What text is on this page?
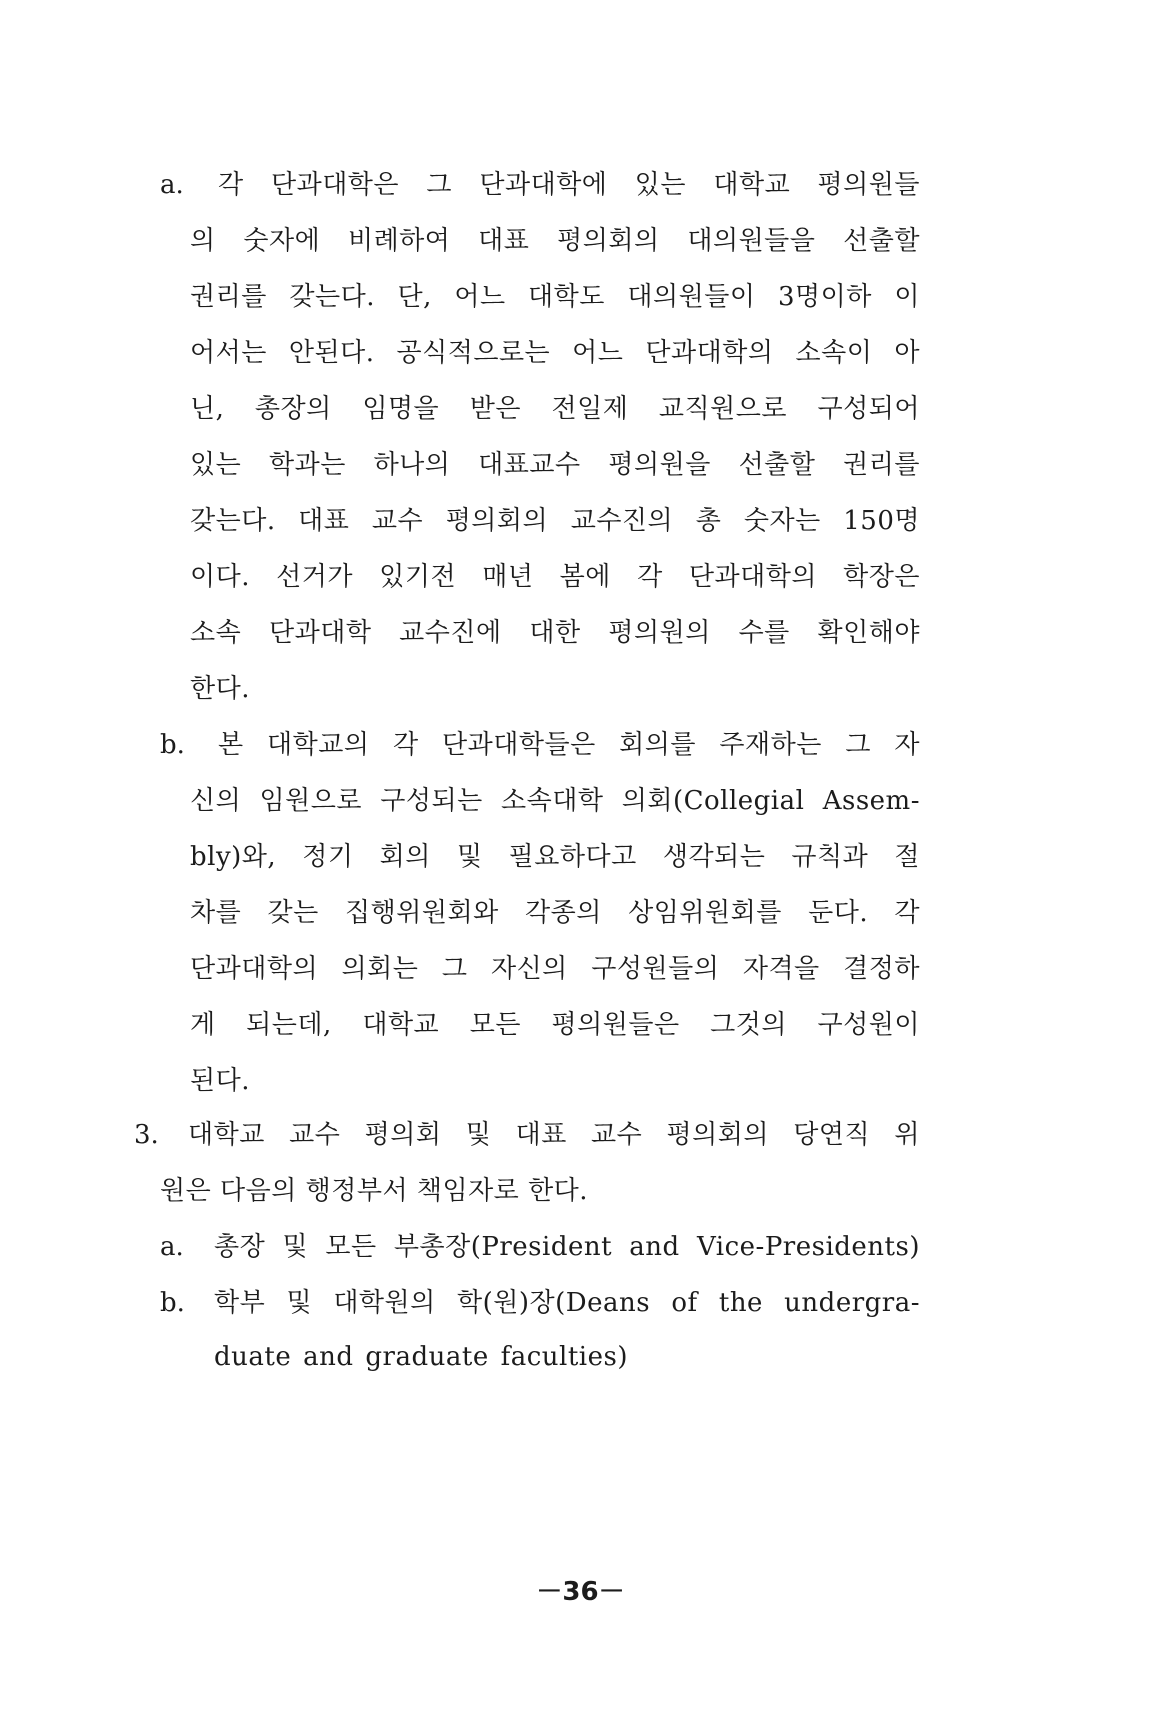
a. 각 단과대학은 그 단과대학에 있는 대학교 평의원들
의 숫자에 비례하여 대표 평의회의 대의원들을 선출할
권리를 갖는다. 단, 어느 대학도 대의원들이 3명이하 이
어서는 안된다. 공식적으로는 어느 단과대학의 소속이 아
닌, 총장의 임명을 받은 전일제 교직원으로 구성되어
있는 학과는 하나의 대표교수 평의원을 선출할 권리를
갖는다. 대표 교수 평의회의 교수진의 총 숫자는 150명
이다. 선거가 있기전 매년 봄에 각 단과대학의 학장은
소속 단과대학 교수진에 대한 평의원의 수를 확인해야
한다.
b. 본 대학교의 각 단과대학들은 회의를 주재하는 그 자
신의 임원으로 구성되는 소속대학 의회(Collegial Assem-
bly)와, 정기 회의 및 필요하다고 생각되는 규칙과 절
차를 갖는 집행위원회와 각종의 상임위원회를 둔다. 각
단과대학의 의회는 그 자신의 구성원들의 자격을 결정하
게 되는데, 대학교 모든 평의원들은 그것의 구성원이
된다.
3. 대학교 교수 평의회 및 대표 교수 평의회의 당연직 위
원은 다음의 행정부서 책임자로 한다.
a. 총장 및 모든 부총장(President and Vice-Presidents)
b. 학부 및 대학원의 학(원)장(Deans of the undergra-
duate and graduate faculties)
－36－
